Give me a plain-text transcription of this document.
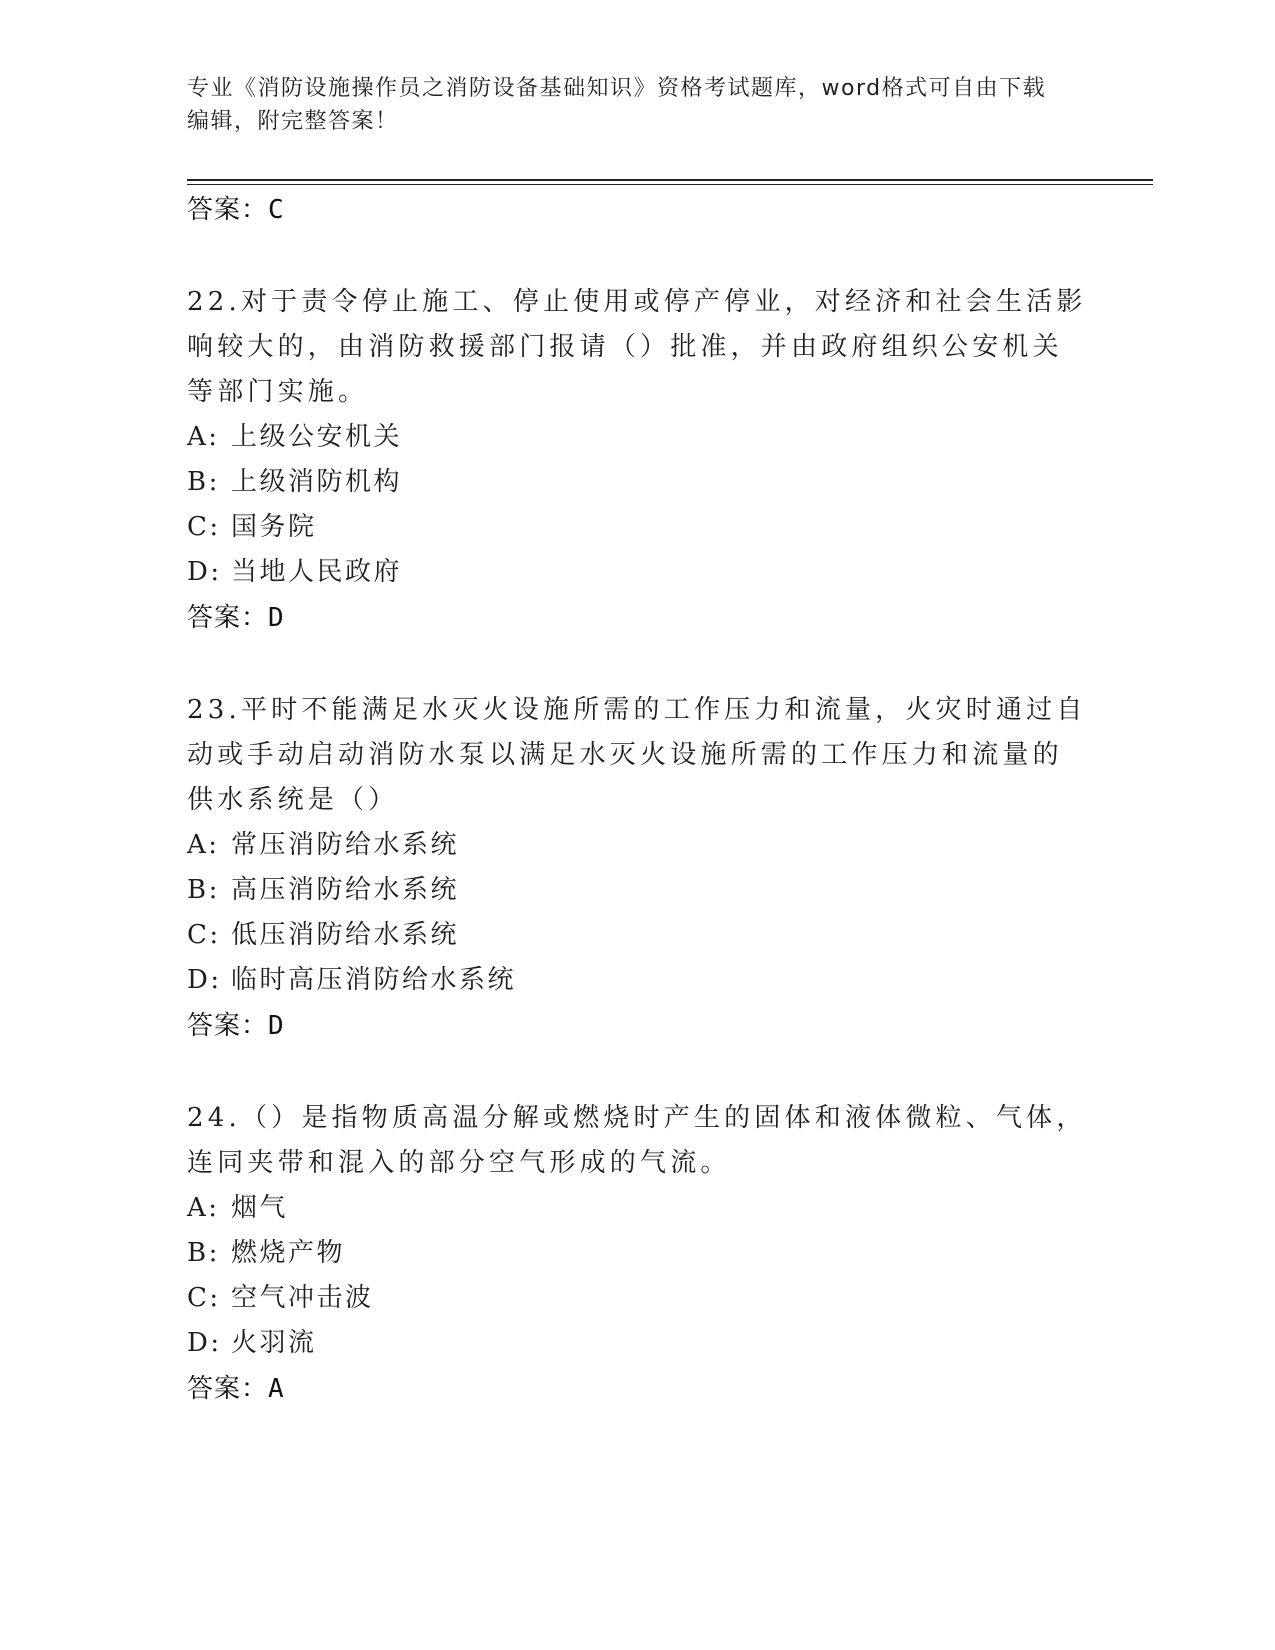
专业《消防设施操作员之消防设备基础知识》资格考试题库，word格式可自由下载编辑，附完整答案！
答案：C
22.对于责令停止施工、停止使用或停产停业，对经济和社会生活影响较大的，由消防救援部门报请（）批准，并由政府组织公安机关等部门实施。
A: 上级公安机关
B: 上级消防机构
C: 国务院
D: 当地人民政府
答案：D
23.平时不能满足水灭火设施所需的工作压力和流量，火灾时通过自动或手动启动消防水泵以满足水灭火设施所需的工作压力和流量的供水系统是（）
A: 常压消防给水系统
B: 高压消防给水系统
C: 低压消防给水系统
D: 临时高压消防给水系统
答案：D
24.（）是指物质高温分解或燃烧时产生的固体和液体微粒、气体，连同夹带和混入的部分空气形成的气流。
A: 烟气
B: 燃烧产物
C: 空气冲击波
D: 火羽流
答案：A
